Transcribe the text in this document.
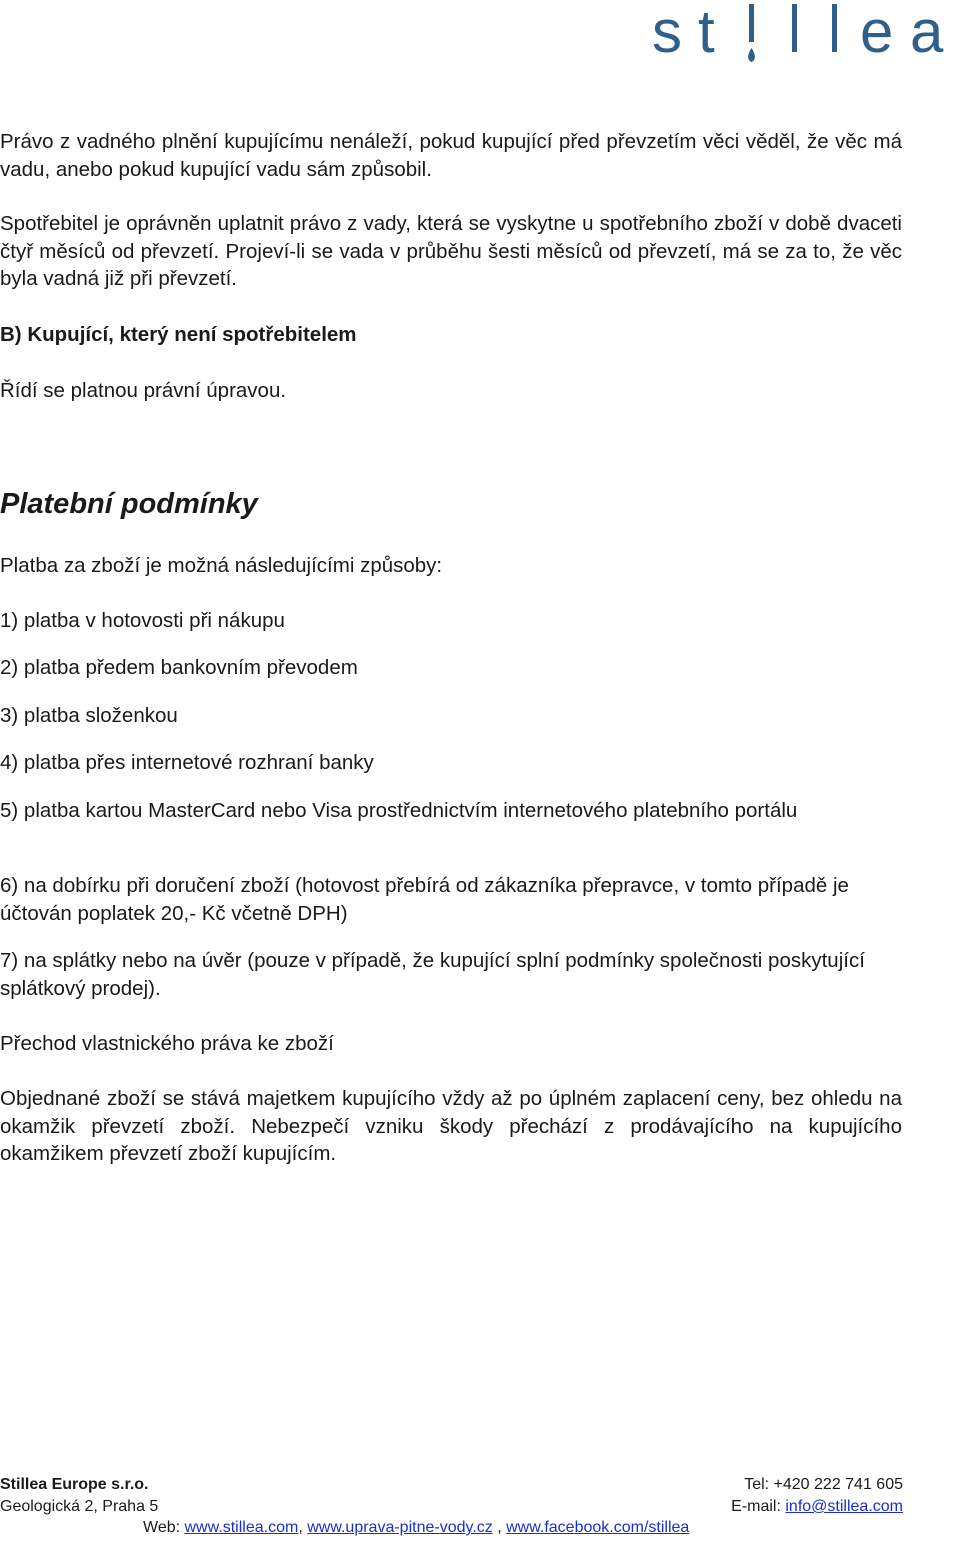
s t e a

Právo z vadného plnění kupujícímu nenáleží, pokud kupující před převzetím věci věděl, že věc má vadu, anebo pokud kupující vadu sám způsobil.

Spotřebitel je oprávněn uplatnit právo z vady, která se vyskytne u spotřebního zboží v době dvaceti čtyř měsíců od převzetí. Projeví-li se vada v průběhu šesti měsíců od převzetí, má se za to, že věc byla vadná již při převzetí.

B) Kupující, který není spotřebitelem

Řídí se platnou právní úpravou.

Platební podmínky

Platba za zboží je možná následujícími způsoby:

1) platba v hotovosti při nákupu

2) platba předem bankovním převodem

3) platba složenkou

4) platba přes internetové rozhraní banky

5) platba kartou MasterCard nebo Visa prostřednictvím internetového platebního portálu

6) na dobírku při doručení zboží (hotovost přebírá od zákazníka přepravce, v tomto případě je účtován poplatek 20,- Kč včetně DPH)

7) na splátky nebo na úvěr (pouze v případě, že kupující splní podmínky společnosti poskytující splátkový prodej).

Přechod vlastnického práva ke zboží

Objednané zboží se stává majetkem kupujícího vždy až po úplném zaplacení ceny, bez ohledu na okamžik převzetí zboží. Nebezpečí vzniku škody přechází z prodávajícího na kupujícího okamžikem převzetí zboží kupujícím.

Stillea Europe s.r.o.
Geologická 2, Praha 5
Tel: +420 222 741 605
E-mail: info@stillea.com
Web: www.stillea.com, www.uprava-pitne-vody.cz , www.facebook.com/stillea
